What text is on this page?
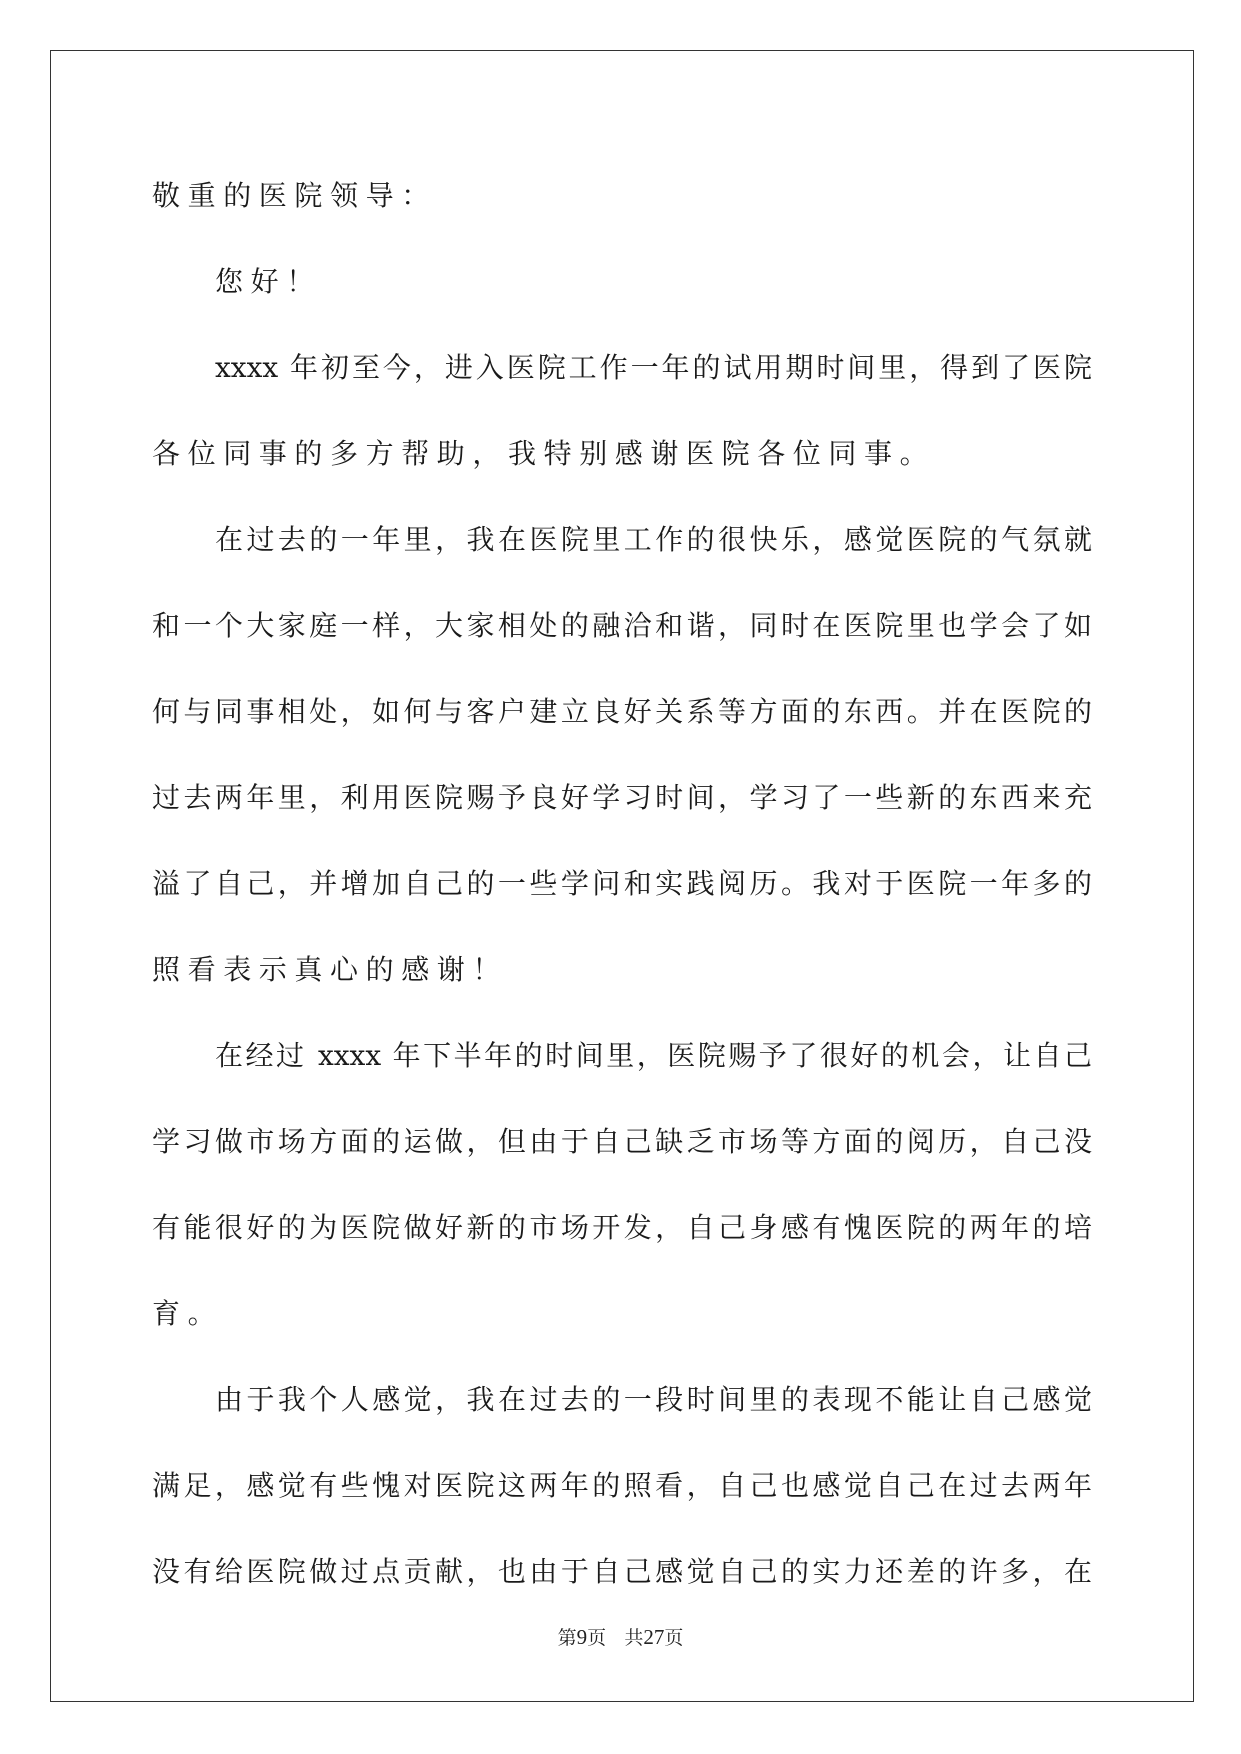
敬重的医院领导：
您好！
xxxx 年初至今，进入医院工作一年的试用期时间里，得到了医院
各位同事的多方帮助，我特别感谢医院各位同事。
在过去的一年里，我在医院里工作的很快乐，感觉医院的气氛就
和一个大家庭一样，大家相处的融洽和谐，同时在医院里也学会了如
何与同事相处，如何与客户建立良好关系等方面的东西。并在医院的
过去两年里，利用医院赐予良好学习时间，学习了一些新的东西来充
溢了自己，并增加自己的一些学问和实践阅历。我对于医院一年多的
照看表示真心的感谢！
在经过 xxxx 年下半年的时间里，医院赐予了很好的机会，让自己
学习做市场方面的运做，但由于自己缺乏市场等方面的阅历，自己没
有能很好的为医院做好新的市场开发，自己身感有愧医院的两年的培
育。
由于我个人感觉，我在过去的一段时间里的表现不能让自己感觉
满足，感觉有些愧对医院这两年的照看，自己也感觉自己在过去两年
没有给医院做过点贡献，也由于自己感觉自己的实力还差的许多，在
第9页 共27页
